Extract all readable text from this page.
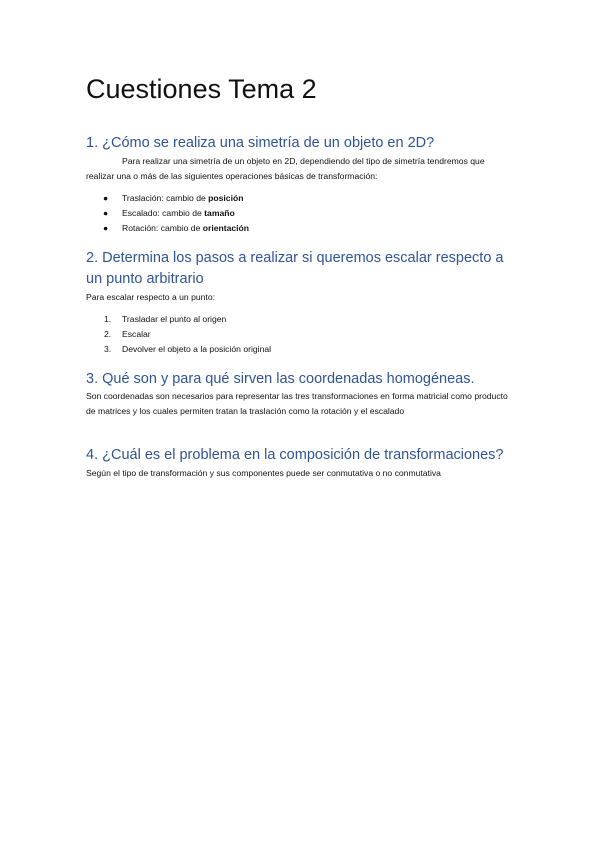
Cuestiones Tema 2
1. ¿Cómo se realiza una simetría de un objeto en 2D?
Para realizar una simetría de un objeto en 2D, dependiendo del tipo de simetría tendremos que realizar una o más de las siguientes operaciones básicas de transformación:
● Traslación: cambio de posición
● Escalado: cambio de tamaño
● Rotación: cambio de orientación
2. Determina los pasos a realizar si queremos escalar respecto a un punto arbitrario
Para escalar respecto a un punto:
1. Trasladar el punto al origen
2. Escalar
3. Devolver el objeto a la posición original
3. Qué son y para qué sirven las coordenadas homogéneas.
Son coordenadas son necesarios para representar las tres transformaciones en forma matricial como producto de matrices y los cuales permiten tratan la traslación como la rotación y el escalado
4. ¿Cuál es el problema en la composición de transformaciones?
Según el tipo de transformación y sus componentes puede ser conmutativa o no conmutativa
